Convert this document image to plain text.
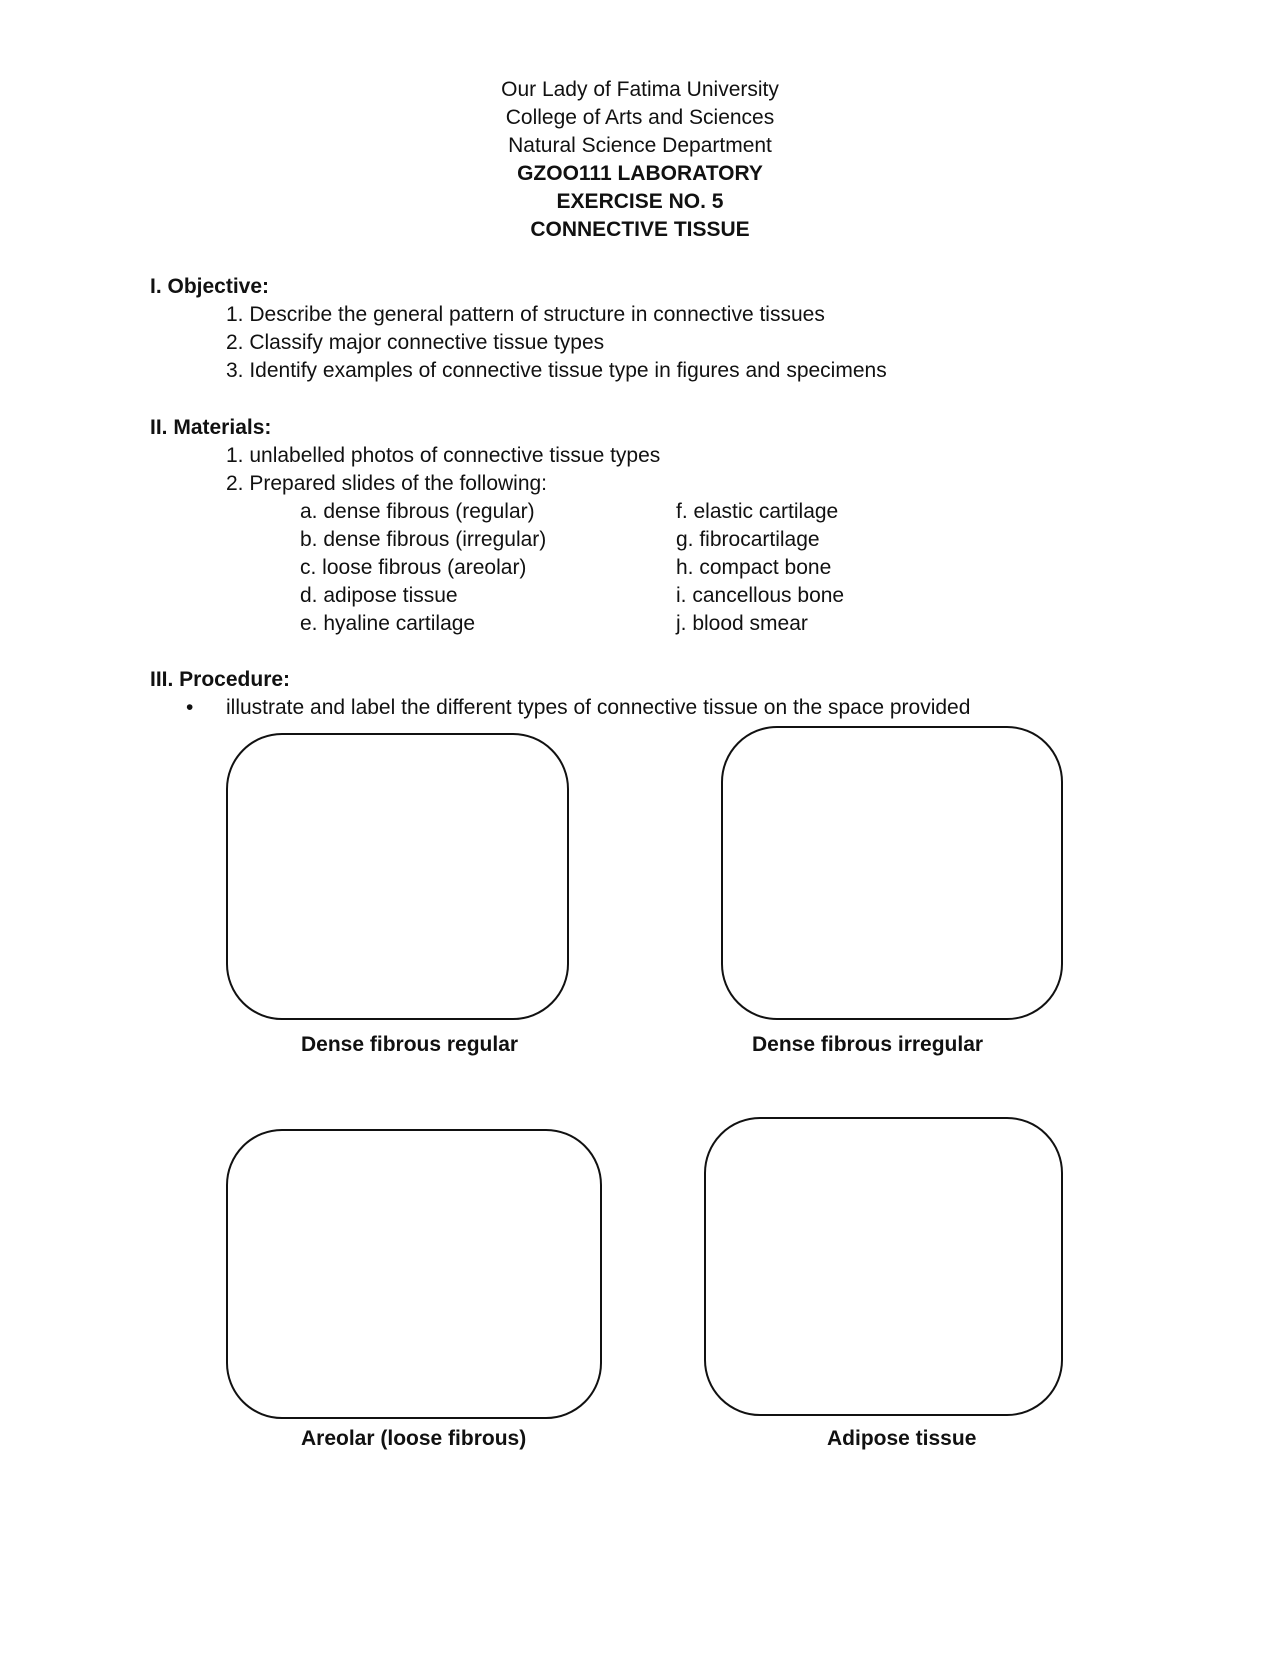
Our Lady of Fatima University
College of Arts and Sciences
Natural Science Department
GZOO111 LABORATORY
EXERCISE NO. 5
CONNECTIVE TISSUE
I. Objective:
1. Describe the general pattern of structure in connective tissues
2. Classify major connective tissue types
3. Identify examples of connective tissue type in figures and specimens
II. Materials:
1. unlabelled photos of connective tissue types
2. Prepared slides of the following:
a. dense fibrous (regular)
b. dense fibrous (irregular)
c. loose fibrous (areolar)
d. adipose tissue
e. hyaline cartilage
f. elastic cartilage
g. fibrocartilage
h. compact bone
i. cancellous bone
j. blood smear
III. Procedure:
• illustrate and label the different types of connective tissue on the space provided
Dense fibrous regular	Dense fibrous irregular
Areolar (loose fibrous)	Adipose tissue
